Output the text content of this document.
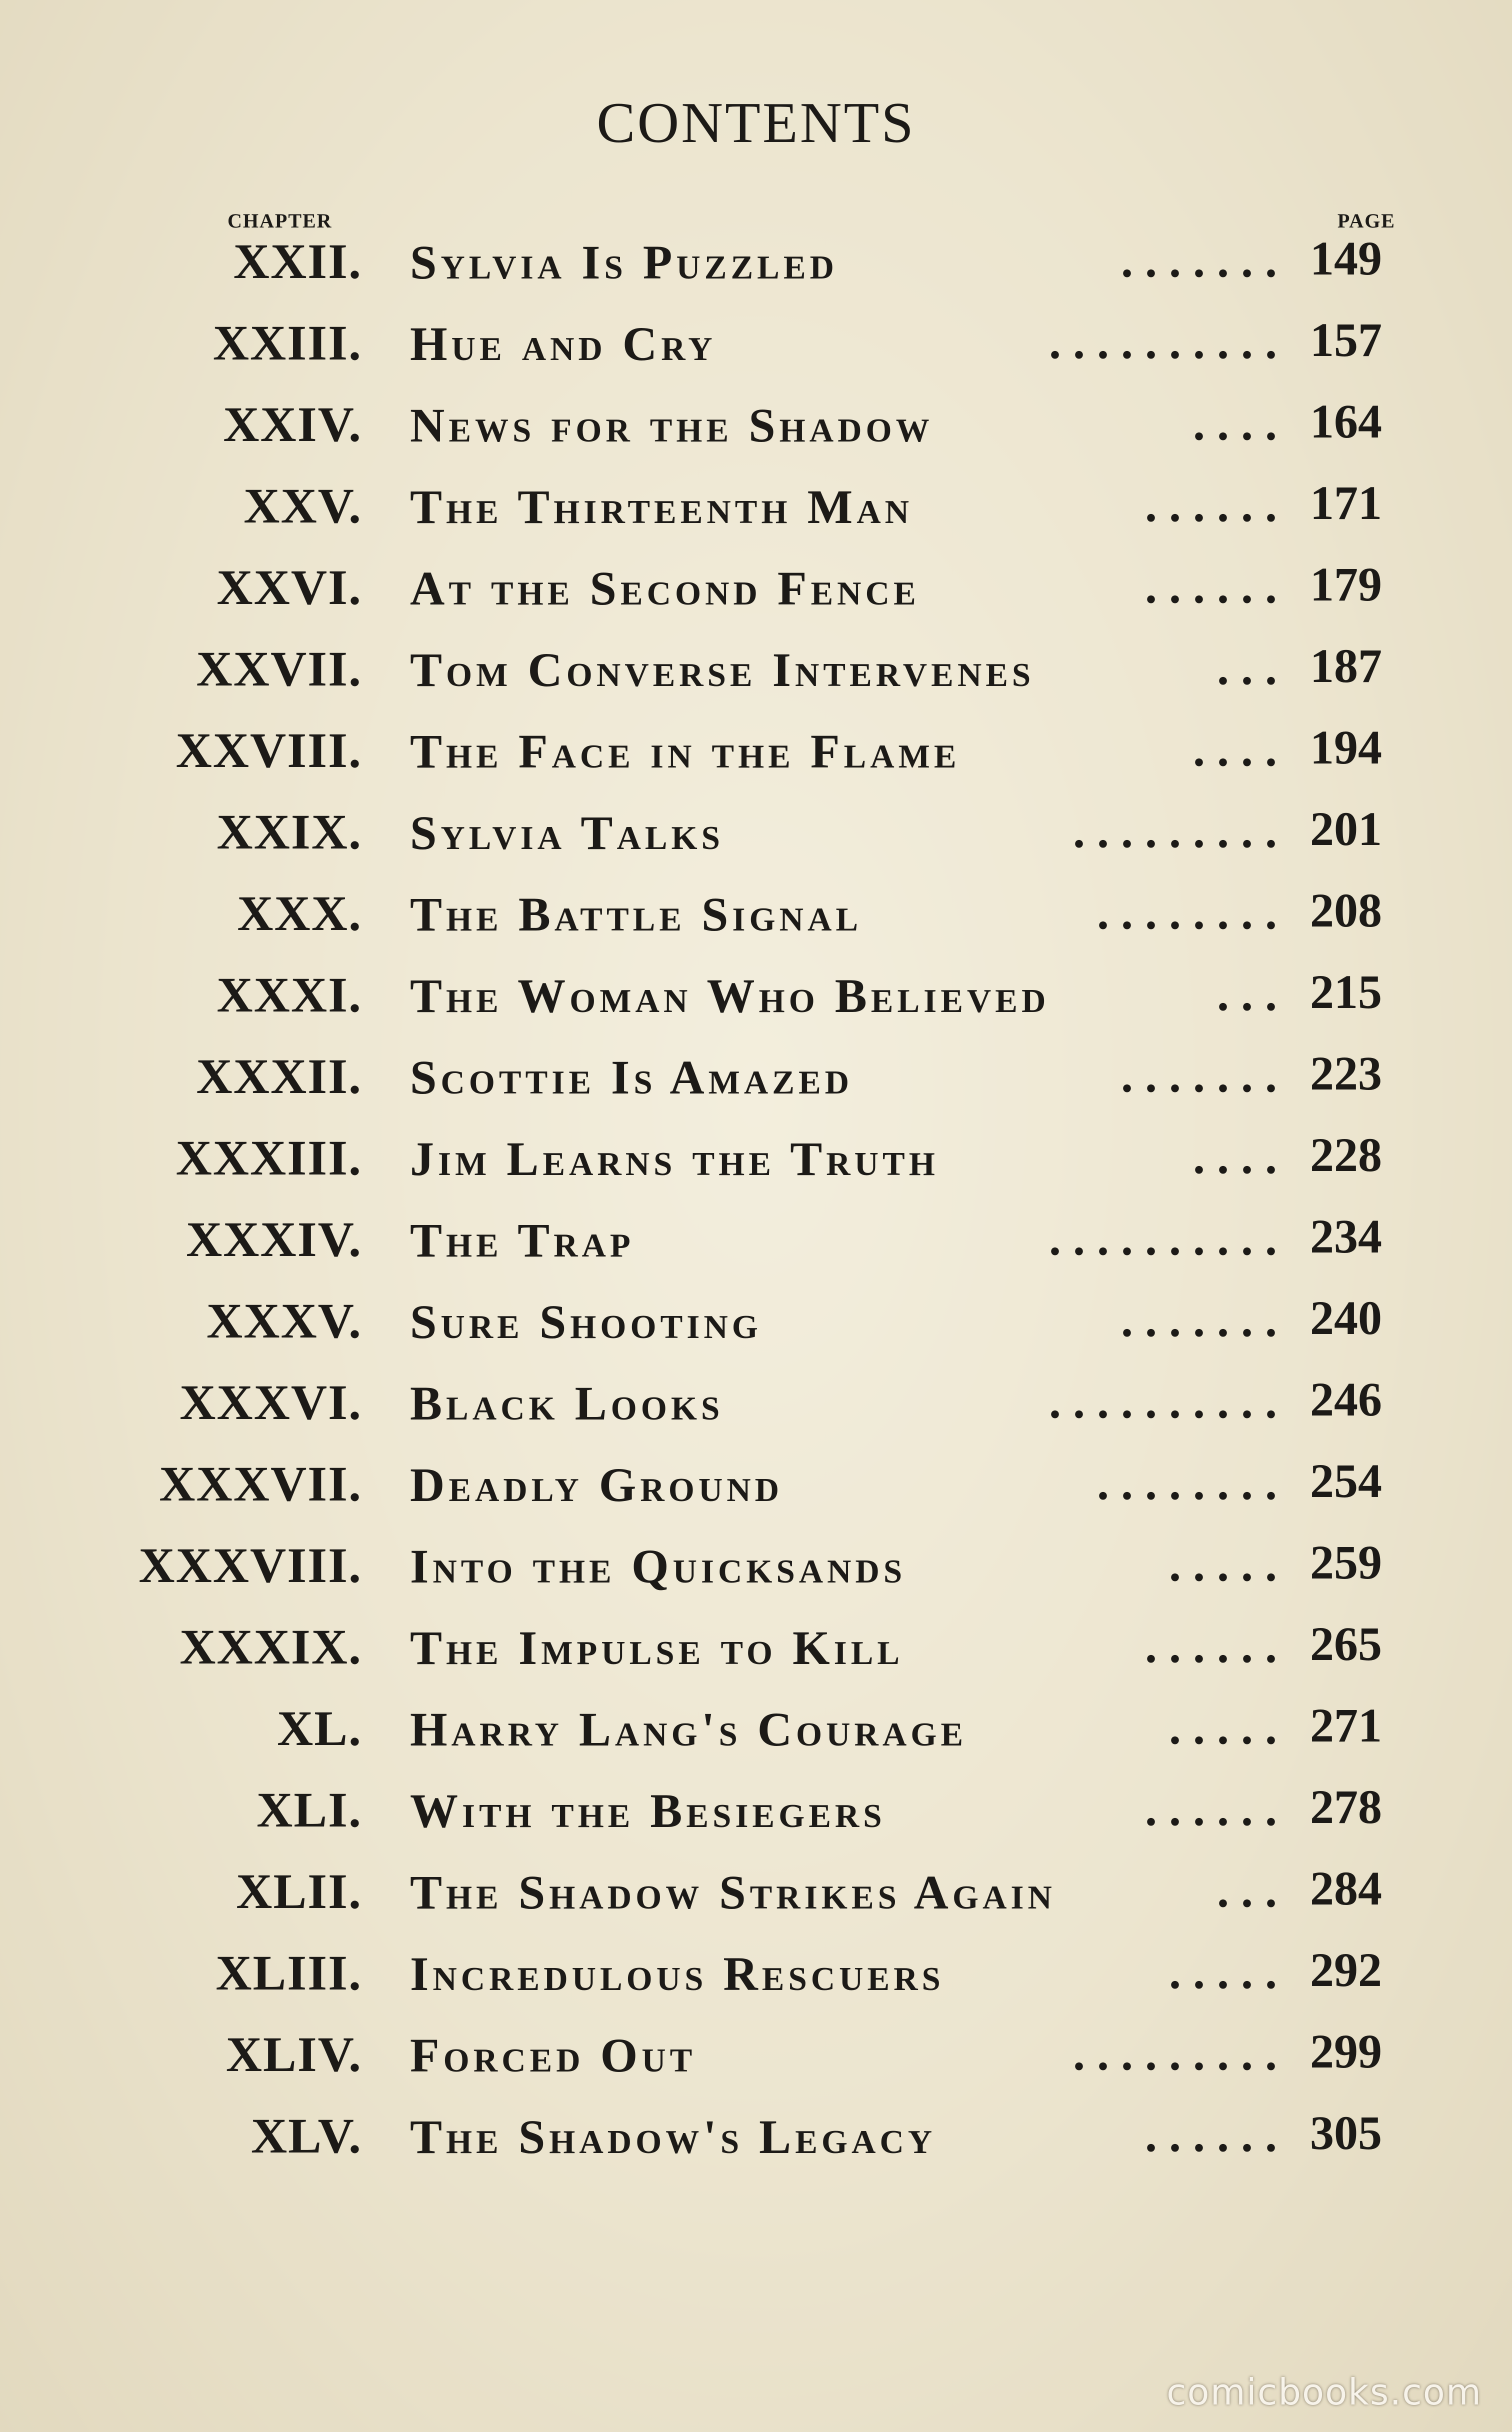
CONTENTS
CHAPTER	PAGE
XXII. Sylvia Is Puzzled	. . . . . . . 149
XXIII. Hue and Cry	. . . . . . . . . . 157
XXIV. News for the Shadow	. . . . 164
XXV. The Thirteenth Man	. . . . . . 171
XXVI. At the Second Fence	. . . . . . 179
XXVII. Tom Converse Intervenes	. . . 187
XXVIII. The Face in the Flame	. . . . 194
XXIX. Sylvia Talks	. . . . . . . . . 201
XXX. The Battle Signal	. . . . . . . . 208
XXXI. The Woman Who Believed	. . . 215
XXXII. Scottie Is Amazed	. . . . . . . 223
XXXIII. Jim Learns the Truth	. . . . 228
XXXIV. The Trap	. . . . . . . . . . 234
XXXV. Sure Shooting	. . . . . . . 240
XXXVI. Black Looks	. . . . . . . . . . 246
XXXVII. Deadly Ground	. . . . . . . . 254
XXXVIII. Into the Quicksands	. . . . . 259
XXXIX. The Impulse to Kill	. . . . . . 265
XL. Harry Lang's Courage	. . . . . 271
XLI. With the Besiegers	. . . . . . 278
XLII. The Shadow Strikes Again	. . . 284
XLIII. Incredulous Rescuers	. . . . . 292
XLIV. Forced Out	. . . . . . . . . 299
XLV. The Shadow's Legacy	. . . . . . 305
comicbooks.com
